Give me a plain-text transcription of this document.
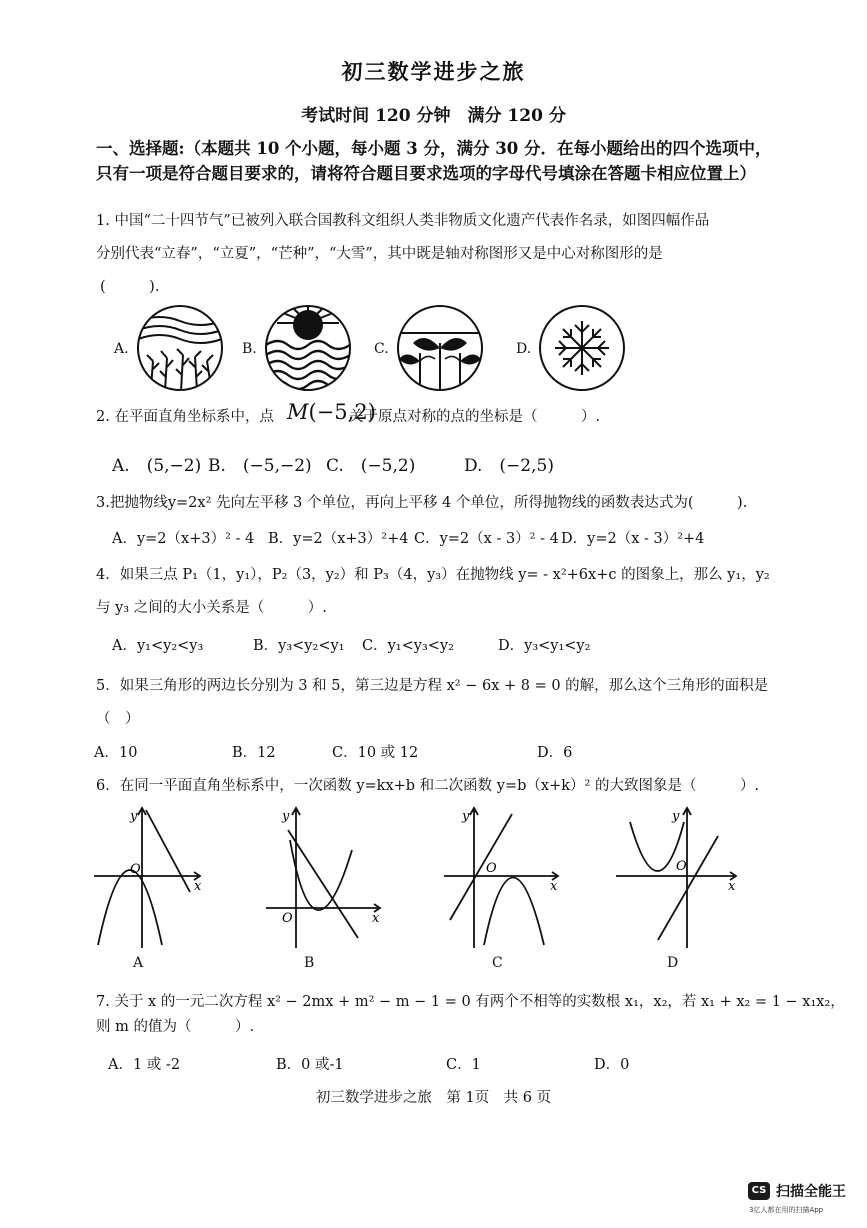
初三数学进步之旅
考试时间 120 分钟　满分 120 分
一、选择题:（本题共 10 个小题，每小题 3 分，满分 30 分．在每小题给出的四个选项中，只有一项是符合题目要求的，请将符合题目要求选项的字母代号填涂在答题卡相应位置上）
1. 中国“二十四节气”已被列入联合国教科文组织人类非物质文化遗产代表作名录，如图四幅作品
分别代表“立春”，“立夏”，“芒种”，“大雪”，其中既是轴对称图形又是中心对称图形的是
(　　　).
A.	B.	C.	D.
2. 在平面直角坐标系中，点 M(−5,2)
关于原点对称的点的坐标是（　　　）.
A.　(5,−2) B.　(−5,−2) C.　(−5,2)	D.　(−2,5)
3.把抛物线y=2x² 先向左平移 3 个单位，再向上平移 4 个单位，所得抛物线的函数表达式为(　　　).
A．y=2（x+3）² - 4 B．y=2（x+3）²+4 C．y=2（x - 3）² - 4 D．y=2（x - 3）²+4
4．如果三点 P₁（1，y₁），P₂（3，y₂）和 P₃（4，y₃）在抛物线 y= - x²+6x+c 的图象上，那么 y₁，y₂
与 y₃ 之间的大小关系是（　　　）.
A．y₁<y₂<y₃	B．y₃<y₂<y₁ C．y₁<y₃<y₂	D．y₃<y₁<y₂
5．如果三角形的两边长分别为 3 和 5，第三边是方程 x² − 6x + 8 = 0 的解，那么这个三角形的面积是
（　）
A．10	B．12	C．10 或 12	D．6
6．在同一平面直角坐标系中，一次函数 y=kx+b 和二次函数 y=b（x+k）² 的大致图象是（　　　）.
y
O
x
A
y
O	x
B
y
O
x
C
y
O
x
D
7. 关于 x 的一元二次方程 x² − 2mx + m² − m − 1 = 0 有两个不相等的实数根 x₁，x₂，若 x₁ + x₂ = 1 − x₁x₂，
则 m 的值为（　　　）.
A．1 或 -2	B．0 或-1	C．1	D．0
初三数学进步之旅　第 1页　共 6 页
CS 扫描全能王
3亿人都在用的扫描App
